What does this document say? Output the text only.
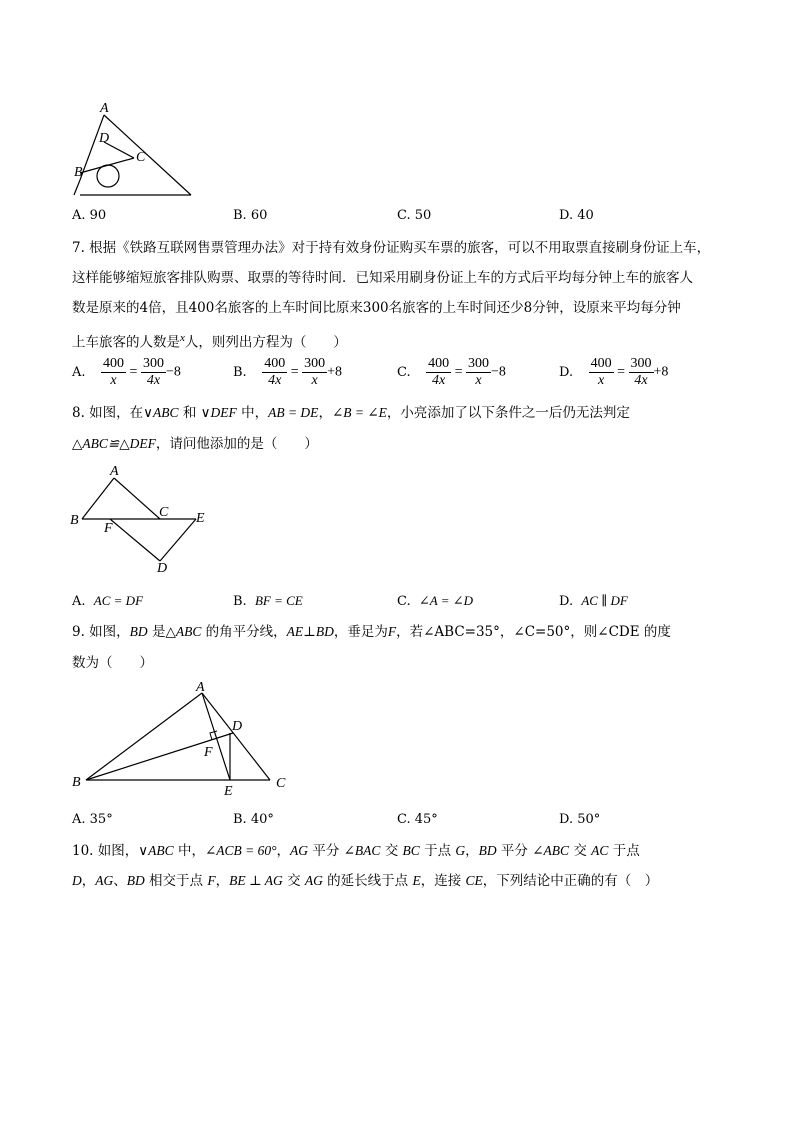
A
D
C
B
A. 90	B. 60	C. 50	D. 40
7. 根据《铁路互联网售票管理办法》对于持有效身份证购买车票的旅客，可以不用取票直接刷身份证上车，
这样能够缩短旅客排队购票、取票的等待时间．已知采用刷身份证上车的方式后平均每分钟上车的旅客人
数是原来的4倍，且400名旅客的上车时间比原来300名旅客的上车时间还少8分钟，设原来平均每分钟
上车旅客的人数是$^x$人，则列出方程为（　　）
A. $\frac{400}{x} = \frac{300}{4x} -8$	B. $\frac{400}{4x} = \frac{300}{x} +8$	C. $\frac{400}{4x} = \frac{300}{x} -8$	D. $\frac{400}{x} = \frac{300}{4x} +8$
8. 如图，在∨ABC 和 ∨DEF 中，AB = DE，∠B = ∠E，小亮添加了以下条件之一后仍无法判定
△ABC≌△DEF，请问他添加的是（　　）
A
B
C E
F
D
A. AC = DF	B. BF = CE	C. ∠A = ∠D	D. AC ∥ DF
9. 如图，BD 是△ABC 的角平分线，AE⊥BD，垂足为F，若∠ABC=35°，∠C=50°，则∠CDE 的度
数为（　　）
A
D
F
B
E
C
A. 35°	B. 40°	C. 45°	D. 50°
10. 如图，∨ABC 中，∠ACB = 60°，AG 平分 ∠BAC 交 BC 于点 G，BD 平分 ∠ABC 交 AC 于点
D，AG、BD 相交于点 F，BE ⊥ AG 交 AG 的延长线于点 E，连接 CE，下列结论中正确的有（　）
